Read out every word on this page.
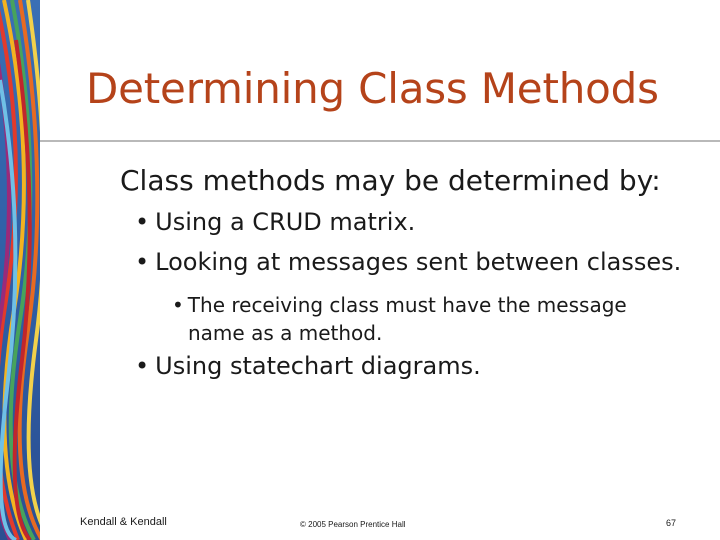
Determining Class Methods
Class methods may be determined by:
• Using a CRUD matrix.
• Looking at messages sent between classes.
• The receiving class must have the message
name as a method.
• Using statechart diagrams.
Kendall & Kendall	© 2005 Pearson Prentice Hall	67
